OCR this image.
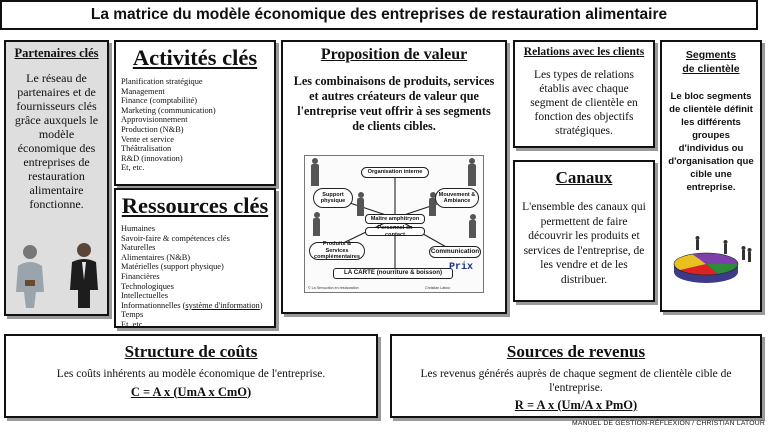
La matrice du modèle économique des entreprises de restauration alimentaire
Partenaires clés
Le réseau de partenaires et de fournisseurs clés grâce auxquels le modèle économique des entreprises de restauration alimentaire fonctionne.
Activités clés
Planification stratégique
Management
Finance (comptabilité)
Marketing (communication)
Approvisionnement
Production (N&B)
Vente et service
Théâtralisation
R&D (innovation)
Et, etc.
Ressources clés
Humaines
Savoir-faire & compétences clés
Naturelles
Alimentaires (N&B)
Matérielles (support physique)
Financières
Technologiques
Intellectuelles
Informationnelles (système d'information)
Temps
Et, etc.
Proposition de valeur
Les combinaisons de produits, services et autres créateurs de valeur que l'entreprise veut offrir à ses segments de clients cibles.
Organisation interne
Support physique
Mouvement & Ambiance
Maître amphitryon
Personnel en contact
Produits & Services complémentaires
Communication
LA CARTE (nourriture & boisson) Prix
© La Servuction en restauration	Christian Latour
Relations avec les clients
Les types de relations établis avec chaque segment de clientèle en fonction des objectifs stratégiques.
Canaux
L'ensemble des canaux qui permettent de faire découvrir les produits et services de l'entreprise, de les vendre et de les distribuer.
Segments de clientèle
Le bloc segments de clientèle définit les différents groupes d'individus ou d'organisation que cible une entreprise.
Structure de coûts
Les coûts inhérents au modèle économique de l'entreprise.
C = A x (UmA x CmO)
Sources de revenus
Les revenus générés auprès de chaque segment de clientèle cible de l'entreprise.
R = A x (Um/A x PmO)
MANUEL DE GESTION-RÉFLEXION / CHRISTIAN LATOUR
